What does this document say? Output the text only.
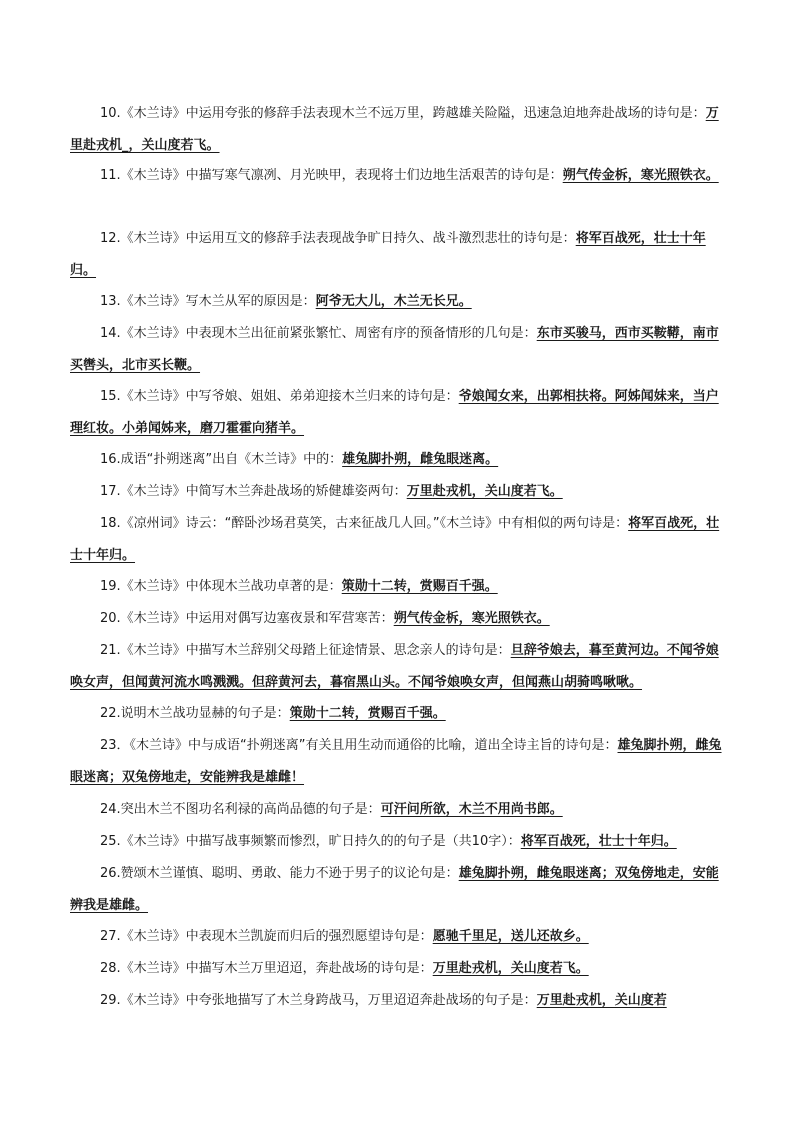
10.《木兰诗》中运用夸张的修辞手法表现木兰不远万里，跨越雄关险隘，迅速急迫地奔赴战场的诗句是：万里赴戎机_，关山度若飞。
11.《木兰诗》中描写寒气凛冽、月光映甲，表现将士们边地生活艰苦的诗句是：朔气传金柝，寒光照铁衣。
12.《木兰诗》中运用互文的修辞手法表现战争旷日持久、战斗激烈悲壮的诗句是：将军百战死，壮士十年归。
13.《木兰诗》写木兰从军的原因是：阿爷无大儿，木兰无长兄。
14.《木兰诗》中表现木兰出征前紧张繁忙、周密有序的预备情形的几句是：东市买骏马，西市买鞍鞯，南市买辔头，北市买长鞭。
15.《木兰诗》中写爷娘、姐姐、弟弟迎接木兰归来的诗句是：爷娘闻女来，出郭相扶将。阿姊闻妹来，当户理红妆。小弟闻姊来，磨刀霍霍向猪羊。
16.成语“扑朔迷离”出自《木兰诗》中的：雄兔脚扑朔，雌兔眼迷离。
17.《木兰诗》中简写木兰奔赴战场的矫健雄姿两句：万里赴戎机，关山度若飞。
18.《凉州词》诗云：“醉卧沙场君莫笑，古来征战几人回。”《木兰诗》中有相似的两句诗是：将军百战死，壮士十年归。
19.《木兰诗》中体现木兰战功卓著的是：策勋十二转，赏赐百千强。
20.《木兰诗》中运用对偶写边塞夜景和军营寒苦：朔气传金柝，寒光照铁衣。
21.《木兰诗》中描写木兰辞别父母踏上征途情景、思念亲人的诗句是：旦辞爷娘去，暮至黄河边。不闻爷娘唤女声，但闻黄河流水鸣溅溅。但辞黄河去，暮宿黑山头。不闻爷娘唤女声，但闻燕山胡骑鸣啾啾。
22.说明木兰战功显赫的句子是：策勋十二转，赏赐百千强。
23．《木兰诗》中与成语“扑朔迷离”有关且用生动而通俗的比喻，道出全诗主旨的诗句是：雄兔脚扑朔，雌兔眼迷离；双兔傍地走，安能辨我是雄雌！
24.突出木兰不图功名利禄的高尚品德的句子是：可汗问所欲，木兰不用尚书郎。
25.《木兰诗》中描写战事频繁而惨烈，旷日持久的的句子是（共10字）：将军百战死，壮士十年归。
26.赞颂木兰谨慎、聪明、勇敢、能力不逊于男子的议论句是：雄兔脚扑朔，雌兔眼迷离；双兔傍地走，安能辨我是雄雌。
27.《木兰诗》中表现木兰凯旋而归后的强烈愿望诗句是：愿驰千里足，送儿还故乡。
28.《木兰诗》中描写木兰万里迢迢，奔赴战场的诗句是：万里赴戎机，关山度若飞。
29.《木兰诗》中夸张地描写了木兰身跨战马，万里迢迢奔赴战场的句子是：万里赴戎机，关山度若
